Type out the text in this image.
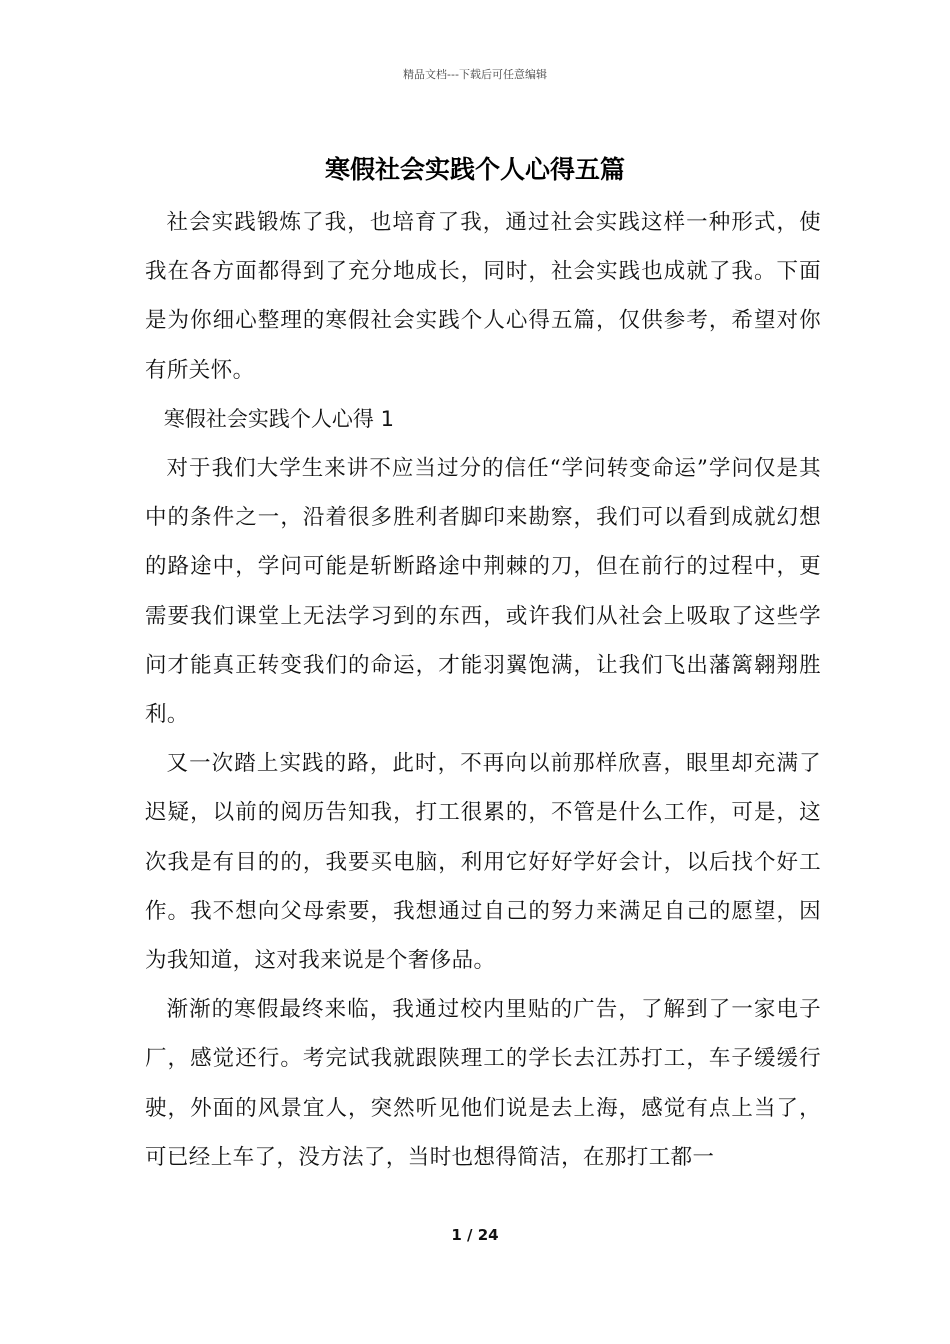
精品文档---下载后可任意编辑
寒假社会实践个人心得五篇

社会实践锻炼了我，也培育了我，通过社会实践这样一种形式，使我在各方面都得到了充分地成长，同时，社会实践也成就了我。下面是为你细心整理的寒假社会实践个人心得五篇，仅供参考，希望对你有所关怀。

寒假社会实践个人心得 1

对于我们大学生来讲不应当过分的信任“学问转变命运”学问仅是其中的条件之一，沿着很多胜利者脚印来勘察，我们可以看到成就幻想的路途中，学问可能是斩断路途中荆棘的刀，但在前行的过程中，更需要我们课堂上无法学习到的东西，或许我们从社会上吸取了这些学问才能真正转变我们的命运，才能羽翼饱满，让我们飞出藩篱翱翔胜利。

又一次踏上实践的路，此时，不再向以前那样欣喜，眼里却充满了迟疑，以前的阅历告知我，打工很累的，不管是什么工作，可是，这次我是有目的的，我要买电脑，利用它好好学好会计，以后找个好工作。我不想向父母索要，我想通过自己的努力来满足自己的愿望，因为我知道，这对我来说是个奢侈品。

渐渐的寒假最终来临，我通过校内里贴的广告，了解到了一家电子厂，感觉还行。考完试我就跟陕理工的学长去江苏打工，车子缓缓行驶，外面的风景宜人，突然听见他们说是去上海，感觉有点上当了，可已经上车了，没方法了，当时也想得简洁，在那打工都一

1 / 24
